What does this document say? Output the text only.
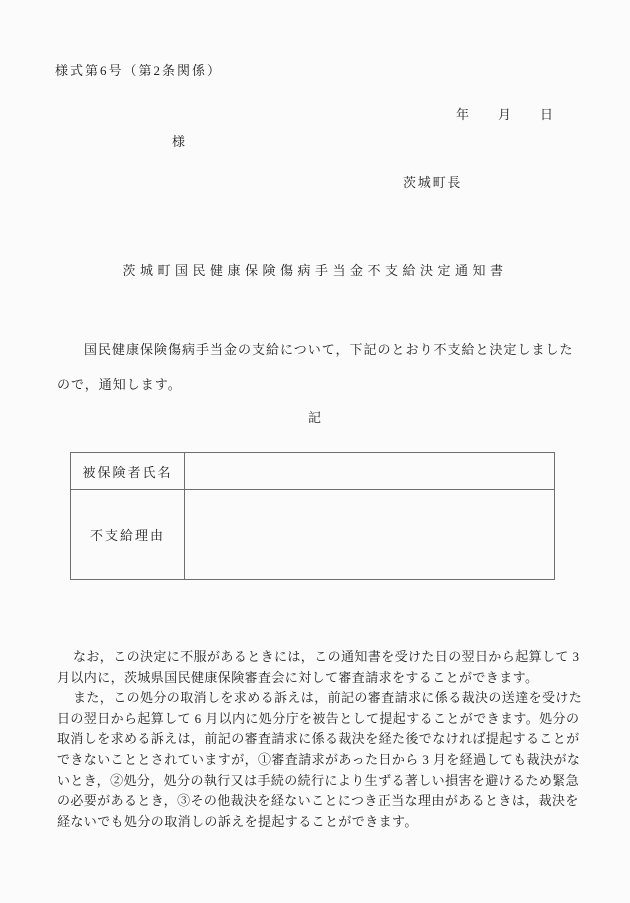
様式第6号（第2条関係）
年 月 日
様
茨城町長
茨城町国民健康保険傷病手当金不支給決定通知書
国民健康保険傷病手当金の支給について，下記のとおり不支給と決定しました
ので，通知します。
記
被保険者氏名	
不支給理由	
なお，この決定に不服があるときには，この通知書を受けた日の翌日から起算して 3
月以内に，茨城県国民健康保険審査会に対して審査請求をすることができます。
また，この処分の取消しを求める訴えは，前記の審査請求に係る裁決の送達を受けた
日の翌日から起算して 6 月以内に処分庁を被告として提起することができます。処分の
取消しを求める訴えは，前記の審査請求に係る裁決を経た後でなければ提起することが
できないこととされていますが，①審査請求があった日から 3 月を経過しても裁決がな
いとき，②処分，処分の執行又は手続の続行により生ずる著しい損害を避けるため緊急
の必要があるとき，③その他裁決を経ないことにつき正当な理由があるときは，裁決を
経ないでも処分の取消しの訴えを提起することができます。
